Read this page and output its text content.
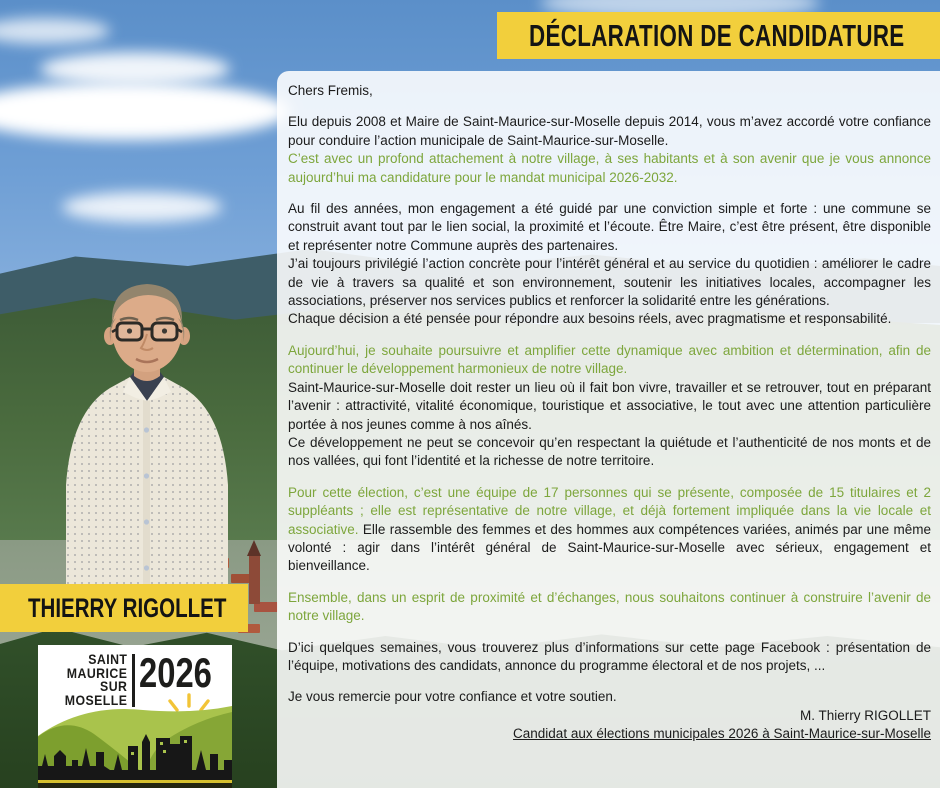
Chers Fremis,

Elu depuis 2008 et Maire de Saint-Maurice-sur-Moselle depuis 2014, vous m’avez accordé votre confiance pour conduire l’action municipale de Saint-Maurice-sur-Moselle.

C’est avec un profond attachement à notre village, à ses habitants et à son avenir que je vous annonce aujourd’hui ma candidature pour le mandat municipal 2026-2032.

Au fil des années, mon engagement a été guidé par une conviction simple et forte : une commune se construit avant tout par le lien social, la proximité et l’écoute. Être Maire, c’est être présent, être disponible et représenter notre Commune auprès des partenaires.

J’ai toujours privilégié l’action concrète pour l’intérêt général et au service du quotidien : améliorer le cadre de vie à travers sa qualité et son environnement, soutenir les initiatives locales, accompagner les associations, préserver nos services publics et renforcer la solidarité entre les générations.

Chaque décision a été pensée pour répondre aux besoins réels, avec pragmatisme et responsabilité.

Aujourd’hui, je souhaite poursuivre et amplifier cette dynamique avec ambition et détermination, afin de continuer le développement harmonieux de notre village.

Saint-Maurice-sur-Moselle doit rester un lieu où il fait bon vivre, travailler et se retrouver, tout en préparant l’avenir : attractivité, vitalité économique, touristique et associative, le tout avec une attention particulière portée à nos jeunes comme à nos aînés.

Ce développement ne peut se concevoir qu’en respectant la quiétude et l’authenticité de nos monts et de nos vallées, qui font l’identité et la richesse de notre territoire.

Pour cette élection, c’est une équipe de 17 personnes qui se présente, composée de 15 titulaires et 2 suppléants ; elle est représentative de notre village, et déjà fortement impliquée dans la vie locale et associative. Elle rassemble des femmes et des hommes aux compétences variées, animés par une même volonté : agir dans l’intérêt général de Saint-Maurice-sur-Moselle avec sérieux, engagement et bienveillance.

Ensemble, dans un esprit de proximité et d’échanges, nous souhaitons continuer à construire l’avenir de notre village.

D’ici quelques semaines, vous trouverez plus d’informations sur cette page Facebook : présentation de l’équipe, motivations des candidats, annonce du programme électoral et de nos projets, ...

Je vous remercie pour votre confiance et votre soutien.

M. Thierry RIGOLLET

Candidat aux élections municipales 2026 à Saint-Maurice-sur-Moselle

DÉCLARATION DE CANDIDATURE
THIERRY RIGOLLET
SAINT
MAURICE
SUR
MOSELLE
2026
